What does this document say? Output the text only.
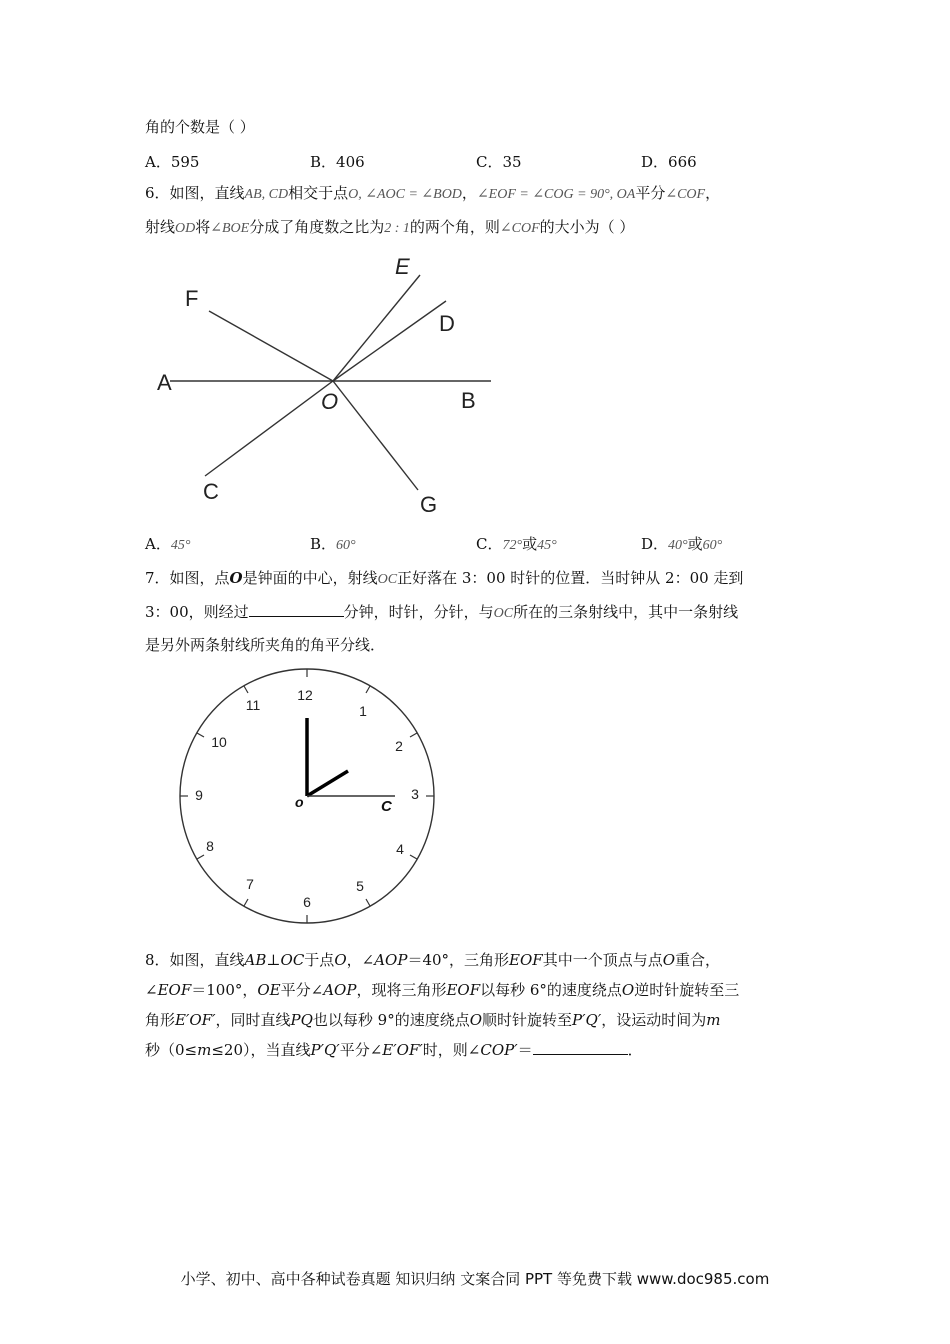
角的个数是（ ）
A．595	B．406	C．35	D．666
6．如图，直线AB, CD相交于点O, ∠AOC = ∠BOD，∠EOF = ∠COG = 90°, OA平分∠COF，
射线OD将∠BOE分成了角度数之比为2 : 1的两个角，则∠COF的大小为（ ）
F
E
D
A
O	B
C
G
A．45°	B．60°	C．72°或45°	D．40°或60°
7．如图，点O是钟面的中心，射线OC正好落在 3：00 时针的位置．当时钟从 2：00 走到
3：00，则经过	分钟，时针，分针，与OC所在的三条射线中，其中一条射线
是另外两条射线所夹角的角平分线．
12
1
2
3
4
5
6
7
8
9
10
11
o	C
8．如图，直线AB⊥OC于点O，∠AOP＝40°，三角形EOF其中一个顶点与点O重合，
∠EOF＝100°，OE平分∠AOP，现将三角形EOF以每秒 6°的速度绕点O逆时针旋转至三
角形E′OF′，同时直线PQ也以每秒 9°的速度绕点O顺时针旋转至P′Q′，设运动时间为m
秒（0≤m≤20），当直线P′Q′平分∠E′OF′时，则∠COP′＝	．
小学、初中、高中各种试卷真题 知识归纳 文案合同 PPT 等免费下载 www.doc985.com
